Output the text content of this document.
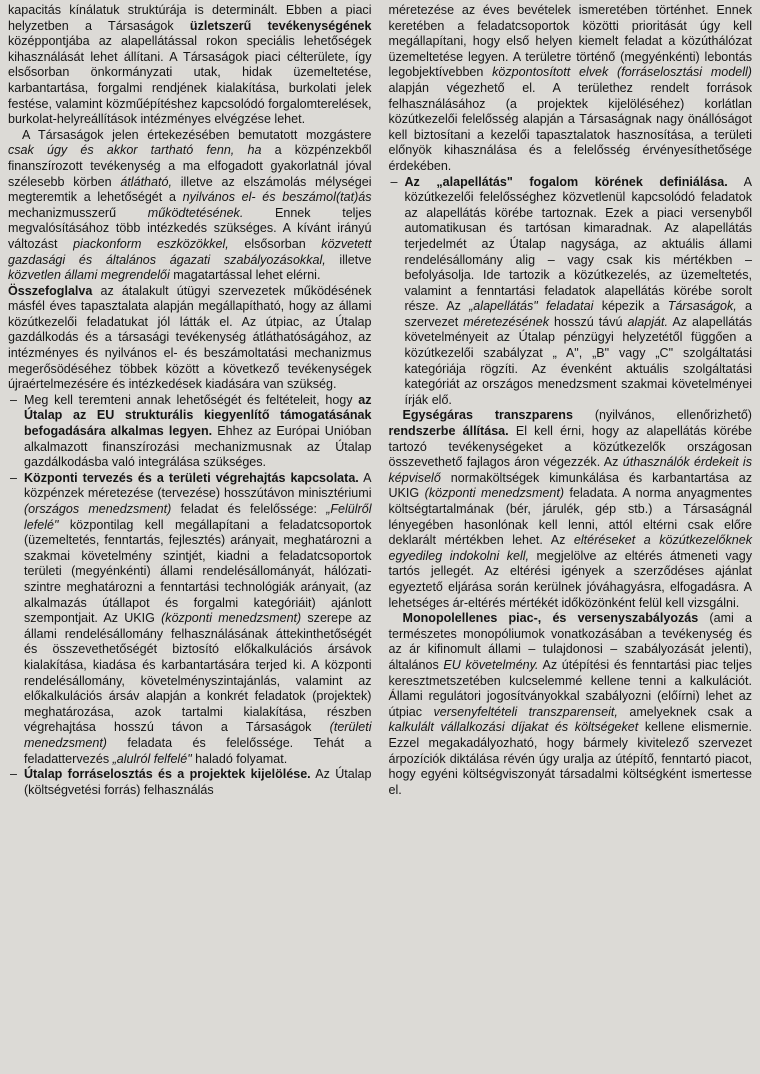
kapacitás kínálatuk struktúrája is determinált. Ebben a piaci helyzetben a Társaságok üzletszerű tevékenységének középpontjába az alapellátással rokon speciális lehetőségek kihasználását lehet állítani. A Társaságok piaci célterülete, így elsősorban önkormányzati utak, hidak üzemeltetése, karbantartása, forgalmi rendjének kialakítása, burkolati jelek festése, valamint közműépítéshez kapcsolódó forgalomterelések, burkolat-helyreállítások intézményes elvégzése lehet.

A Társaságok jelen értekezésében bemutatott mozgástere csak úgy és akkor tartható fenn, ha a közpénzekből finanszírozott tevékenység a ma elfogadott gyakorlatnál jóval szélesebb körben átlátható, illetve az elszámolás mélységei megteremtik a lehetőségét a nyilvános el- és beszámol(tat)ás mechanizmusszerű működtetésének. Ennek teljes megvalósításához több intézkedés szükséges. A kívánt irányú változást piackonform eszközökkel, elsősorban közvetett gazdasági és általános ágazati szabályozásokkal, illetve közvetlen állami megrendelői magatartással lehet elérni.

Összefoglalva az átalakult útügyi szervezetek működésének másfél éves tapasztalata alapján megállapítható, hogy az állami közútkezelői feladatukat jól látták el. Az útpiac, az Útalap gazdálkodás és a társasági tevékenység átláthatóságához, az intézményes és nyilvános el- és beszámoltatási mechanizmus megerősödéséhez többek között a következő tevékenységek újraértelmezésére és intézkedések kiadására van szükség.

– Meg kell teremteni annak lehetőségét és feltételeit, hogy az Útalap az EU strukturális kiegyenlítő támogatásának befogadására alkalmas legyen. Ehhez az Európai Unióban alkalmazott finanszírozási mechanizmusnak az Útalap gazdálkodásba való integrálása szükséges.
– Központi tervezés és a területi végrehajtás kapcsolata. A közpénzek méretezése (tervezése) hosszútávon minisztériumi (országos menedzsment) feladat és felelőssége: „Felülről lefelé" központilag kell megállapítani a feladatcsoportok (üzemeltetés, fenntartás, fejlesztés) arányait, meghatározni a szakmai követelmény szintjét, kiadni a feladatcsoportok területi (megyénkénti) állami rendelésállományát, hálózati-szintre meghatározni a fenntartási technológiák arányait, (az alkalmazás útállapot és forgalmi kategóriáit) ajánlott szempontjait. Az UKIG (központi menedzsment) szerepe az állami rendelésállomány felhasználásának áttekinthetőségét és összevethetőségét biztosító előkalkulációs ársávok kialakítása, kiadása és karbantartására terjed ki. A központi rendelésállomány, követelményszintajánlás, valamint az előkalkulációs ársáv alapján a konkrét feladatok (projektek) meghatározása, azok tartalmi kialakítása, részben végrehajtása hosszú távon a Társaságok (területi menedzsment) feladata és felelőssége. Tehát a feladattervezés „alulról felfelé" haladó folyamat.
– Útalap forráselosztás és a projektek kijelölése. Az Útalap (költségvetési forrás) felhasználás

méretezése az éves bevételek ismeretében történhet. Ennek keretében a feladatcsoportok közötti prioritását úgy kell megállapítani, hogy első helyen kiemelt feladat a közúthálózat üzemeltetése legyen. A területre történő (megyénkénti) lebontás legobjektívebben központosított elvek (forráselosztási modell) alapján végezhető el. A területhez rendelt források felhasználásához (a projektek kijelöléséhez) korlátlan közútkezelői felelősség alapján a Társaságnak nagy önállóságot kell biztosítani a kezelői tapasztalatok hasznosítása, a területi előnyök kihasználása és a felelősség érvényesíthetősége érdekében.

– Az „alapellátás" fogalom körének definiálása. A közútkezelői felelősséghez közvetlenül kapcsolódó feladatok az alapellátás körébe tartoznak. Ezek a piaci versenyből automatikusan és tartósan kimaradnak. Az alapellátás terjedelmét az Útalap nagysága, az aktuális állami rendelésállomány alig – vagy csak kis mértékben – befolyásolja. Ide tartozik a közútkezelés, az üzemeltetés, valamint a fenntartási feladatok alapellátás körébe sorolt része. Az „alapellátás" feladatai képezik a Társaságok, a szervezet méretezésének hosszú távú alapját. Az alapellátás követelményeit az Útalap pénzügyi helyzetétől függően a közútkezelői szabályzat „ A", „B" vagy „C" szolgáltatási kategóriája rögzíti. Az évenként aktuális szolgáltatási kategóriát az országos menedzsment szakmai követelményei írják elő.

Egységáras transzparens (nyilvános, ellenőrizhető) rendszerbe állítása. El kell érni, hogy az alapellátás körébe tartozó tevékenységeket a közútkezelők országosan összevethető fajlagos áron végezzék. Az úthasználók érdekeit is képviselő normaköltségek kimunkálása és karbantartása az UKIG (központi menedzsment) feladata. A norma anyagmentes költségtartalmának (bér, járulék, gép stb.) a Társaságnál lényegében hasonlónak kell lenni, attól eltérni csak előre deklarált mértékben lehet. Az eltéréseket a közútkezelőknek egyedileg indokolni kell, megjelölve az eltérés átmeneti vagy tartós jellegét. Az eltérési igények a szerződéses ajánlat egyeztető eljárása során kerülnek jóváhagyásra, elfogadásra. A lehetséges ár-eltérés mértékét időközönként felül kell vizsgálni.

Monopolellenes piac-, és versenyszabályozás (ami a természetes monopóliumok vonatkozásában a tevékenység és az ár kifinomult állami – tulajdonosi – szabályozását jelenti), általános EU követelmény. Az útépítési és fenntartási piac teljes keresztmetszetében kulcselemmé kellene tenni a kalkulációt. Állami regulátori jogosítványokkal szabályozni (előírni) lehet az útpiac versenyfeltételi transzparenseit, amelyeknek csak a kalkulált vállalkozási díjakat és költségeket kellene elismernie. Ezzel megakadályozható, hogy bármely kivitelező szervezet árpozíciók diktálása révén úgy uralja az útépítő, fenntartó piacot, hogy egyéni költségviszonyát társadalmi költségként ismertesse el.
